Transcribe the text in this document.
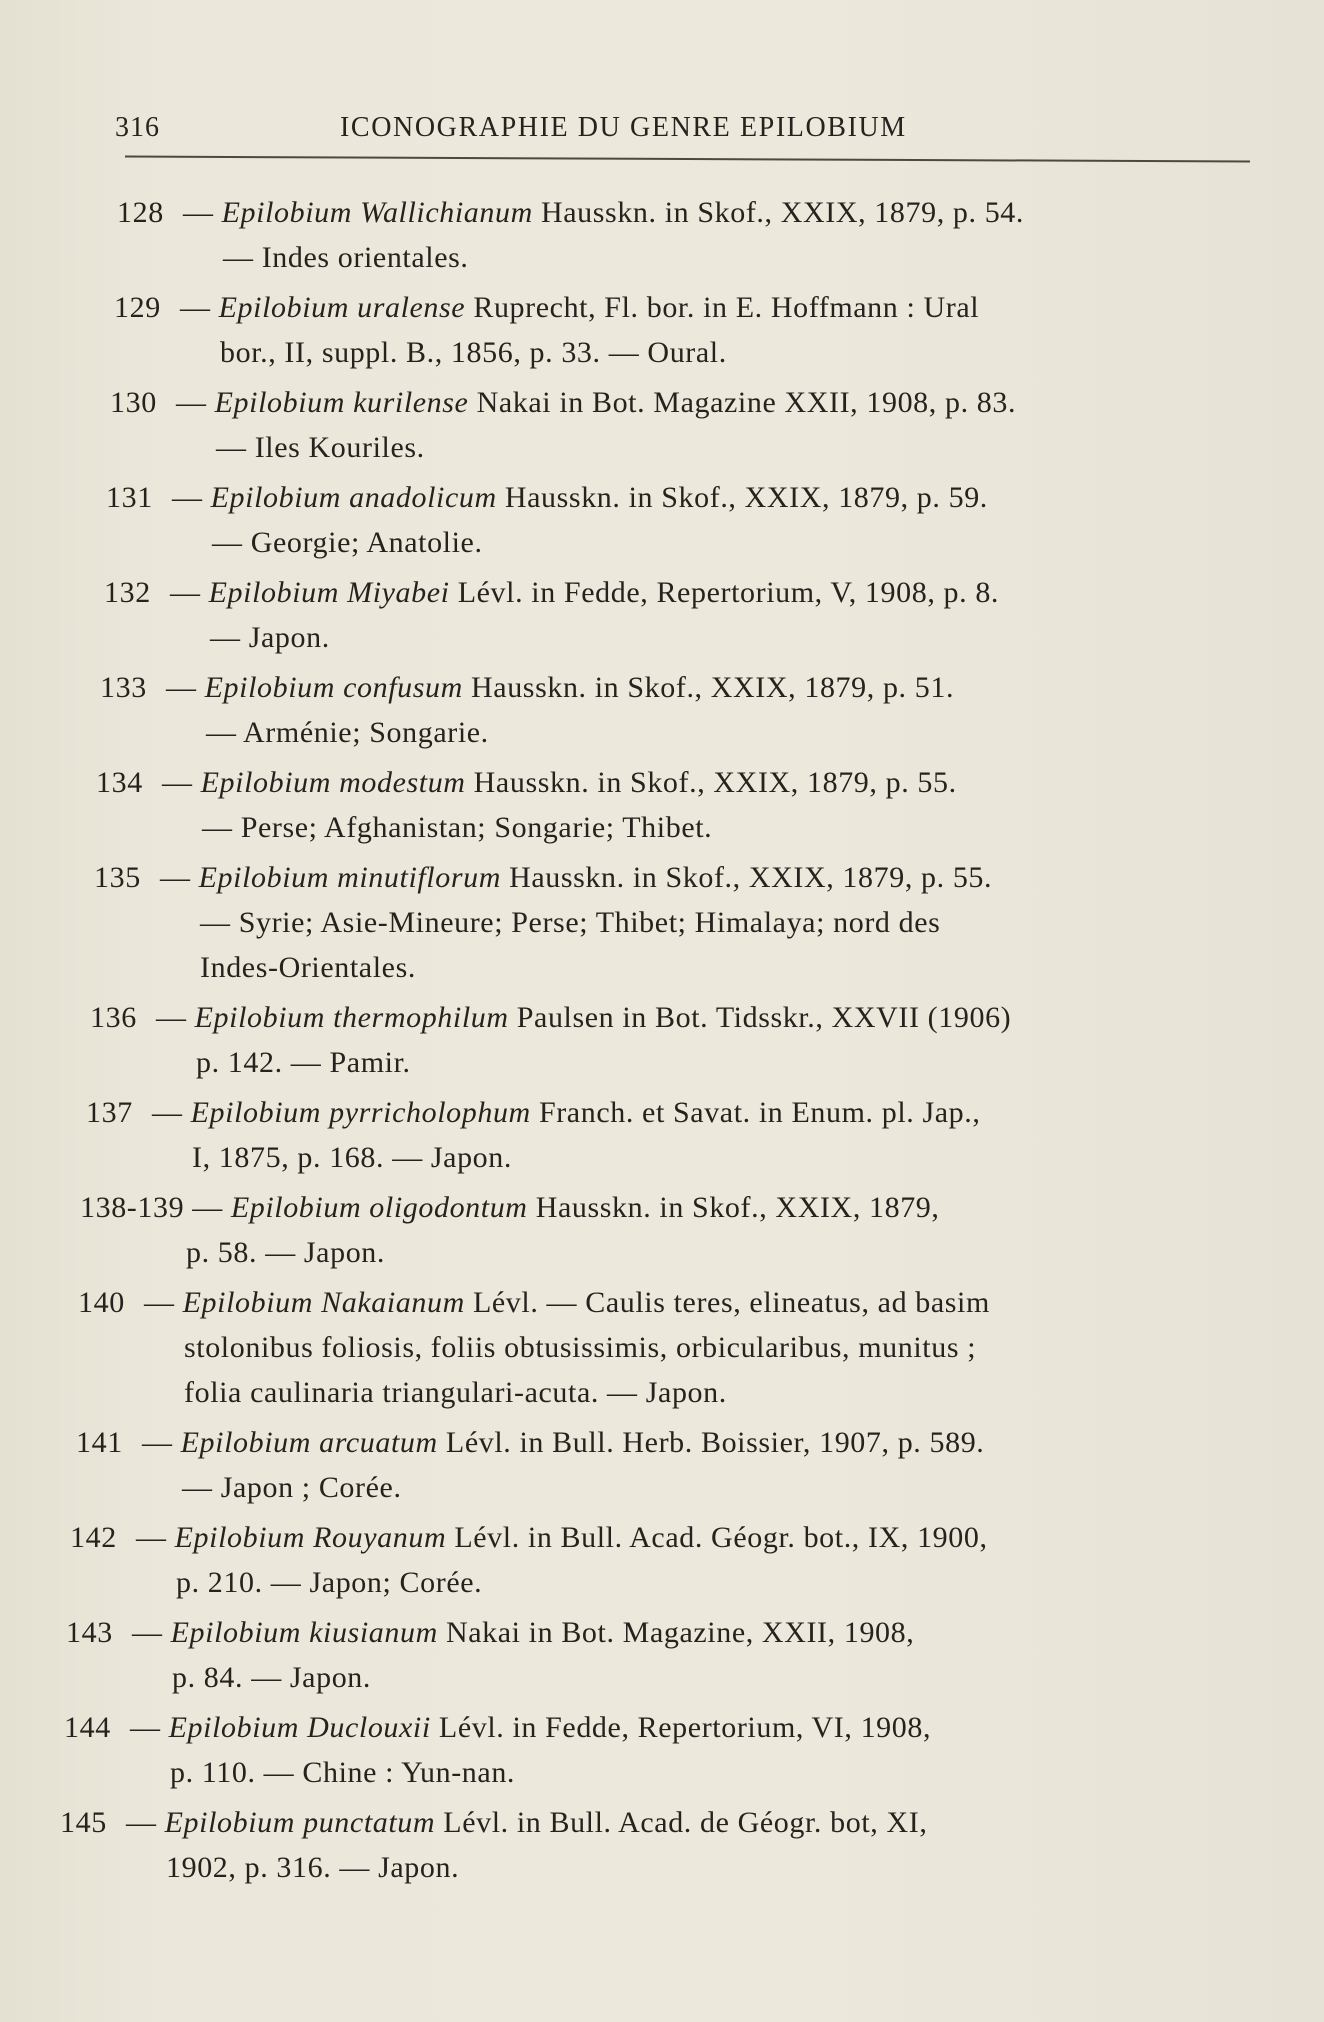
316	ICONOGRAPHIE DU GENRE EPILOBIUM
128 — Epilobium Wallichianum Hausskn. in Skof., XXIX, 1879, p. 54.
— Indes orientales.
129 — Epilobium uralense Ruprecht, Fl. bor. in E. Hoffmann : Ural
bor., II, suppl. B., 1856, p. 33. — Oural.
130 — Epilobium kurilense Nakai in Bot. Magazine XXII, 1908, p. 83.
— Iles Kouriles.
131 — Epilobium anadolicum Hausskn. in Skof., XXIX, 1879, p. 59.
— Georgie; Anatolie.
132 — Epilobium Miyabei Lévl. in Fedde, Repertorium, V, 1908, p. 8.
— Japon.
133 — Epilobium confusum Hausskn. in Skof., XXIX, 1879, p. 51.
— Arménie; Songarie.
134 — Epilobium modestum Hausskn. in Skof., XXIX, 1879, p. 55.
— Perse; Afghanistan; Songarie; Thibet.
135 — Epilobium minutiflorum Hausskn. in Skof., XXIX, 1879, p. 55.
— Syrie; Asie-Mineure; Perse; Thibet; Himalaya; nord des
Indes-Orientales.
136 — Epilobium thermophilum Paulsen in Bot. Tidsskr., XXVII (1906)
p. 142. — Pamir.
137 — Epilobium pyrricholophum Franch. et Savat. in Enum. pl. Jap.,
I, 1875, p. 168. — Japon.
138-139 — Epilobium oligodontum Hausskn. in Skof., XXIX, 1879,
p. 58. — Japon.
140 — Epilobium Nakaianum Lévl. — Caulis teres, elineatus, ad basim
stolonibus foliosis, foliis obtusissimis, orbicularibus, munitus ;
folia caulinaria triangulari-acuta. — Japon.
141 — Epilobium arcuatum Lévl. in Bull. Herb. Boissier, 1907, p. 589.
— Japon ; Corée.
142 — Epilobium Rouyanum Lévl. in Bull. Acad. Géogr. bot., IX, 1900,
p. 210. — Japon; Corée.
143 — Epilobium kiusianum Nakai in Bot. Magazine, XXII, 1908,
p. 84. — Japon.
144 — Epilobium Duclouxii Lévl. in Fedde, Repertorium, VI, 1908,
p. 110. — Chine : Yun-nan.
145 — Epilobium punctatum Lévl. in Bull. Acad. de Géogr. bot, XI,
1902, p. 316. — Japon.
